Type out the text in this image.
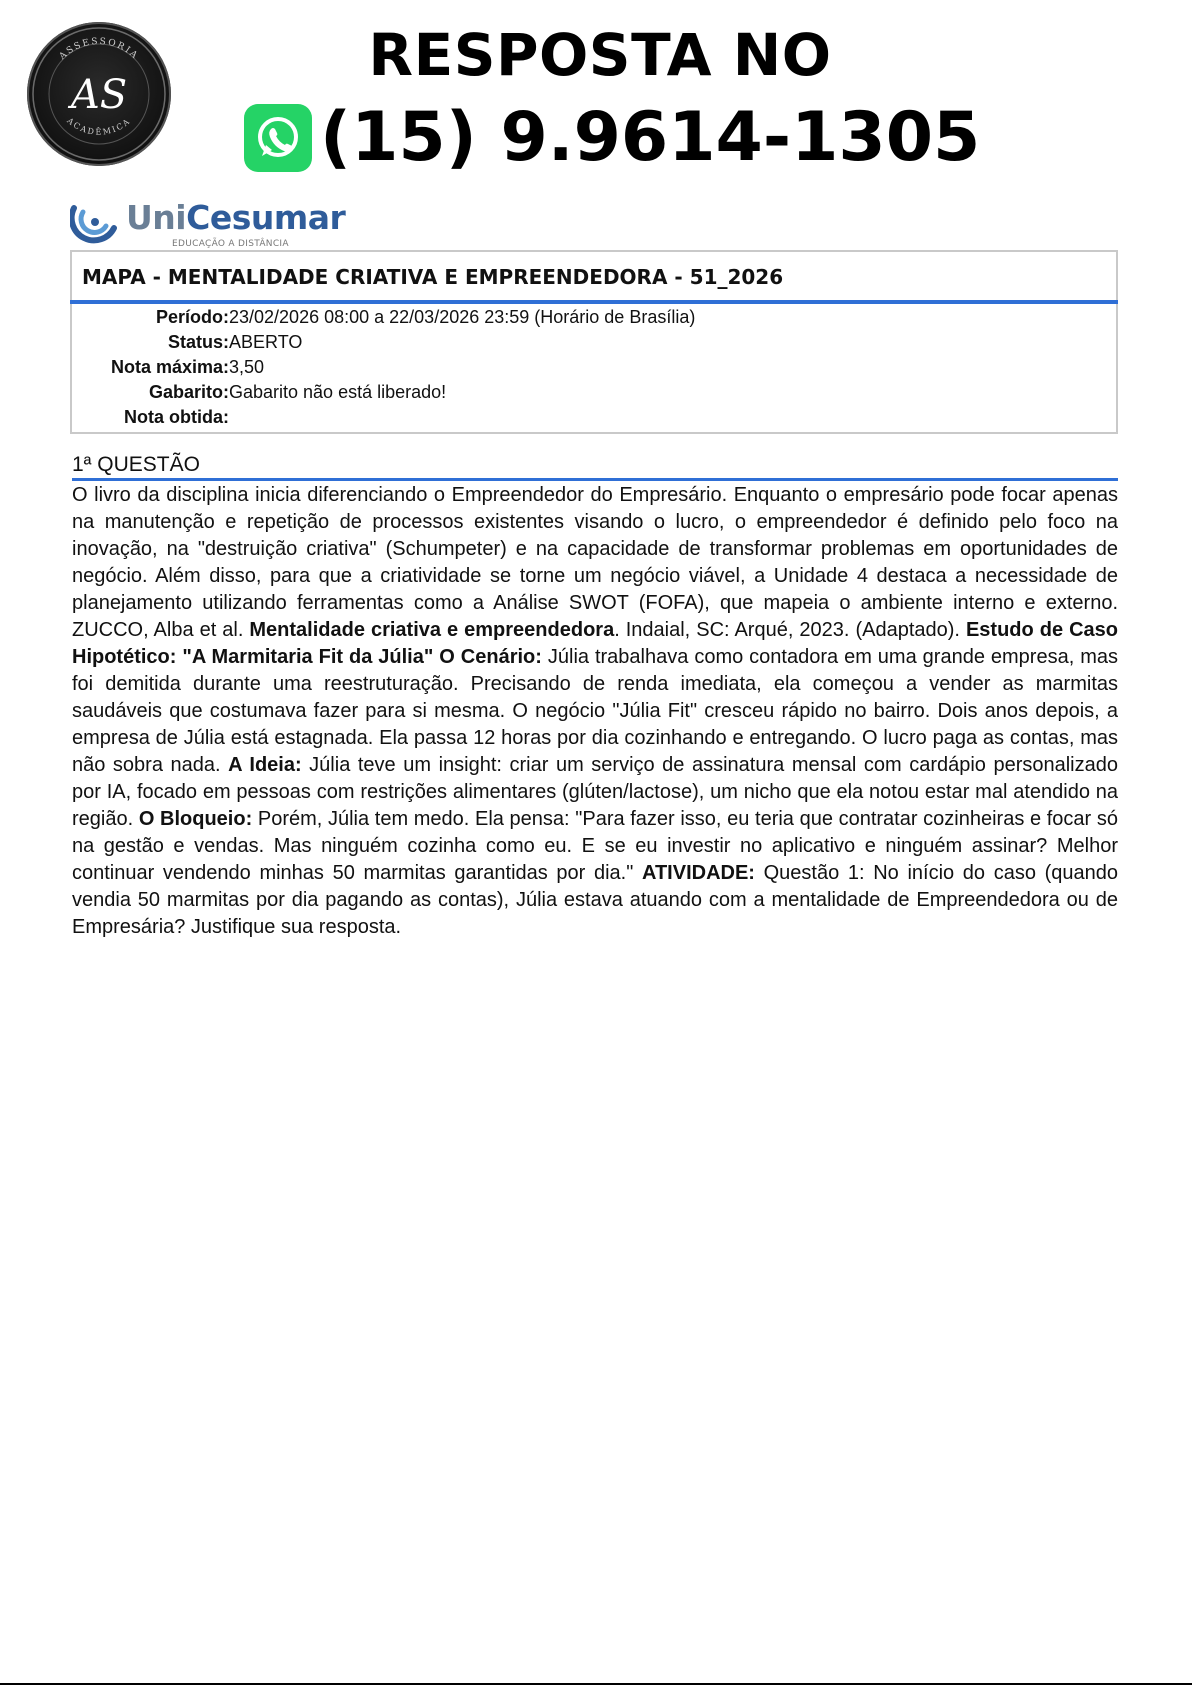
ASSESSORIA
ACADÊMICA
AS
RESPOSTA NO
(15) 9.9614-1305
UniCesumar
EDUCAÇÃO A DISTÂNCIA
MAPA - MENTALIDADE CRIATIVA E EMPREENDEDORA - 51_2026
Período: 23/02/2026 08:00 a 22/03/2026 23:59 (Horário de Brasília)
Status: ABERTO
Nota máxima: 3,50
Gabarito: Gabarito não está liberado!
Nota obtida:
1ª QUESTÃO
O livro da disciplina inicia diferenciando o Empreendedor do Empresário. Enquanto o empresário pode focar apenas na manutenção e repetição de processos existentes visando o lucro, o empreendedor é definido pelo foco na inovação, na "destruição criativa" (Schumpeter) e na capacidade de transformar problemas em oportunidades de negócio. Além disso, para que a criatividade se torne um negócio viável, a Unidade 4 destaca a necessidade de planejamento utilizando ferramentas como a Análise SWOT (FOFA), que mapeia o ambiente interno e externo. ZUCCO, Alba et al. Mentalidade criativa e empreendedora. Indaial, SC: Arqué, 2023. (Adaptado). Estudo de Caso Hipotético: "A Marmitaria Fit da Júlia" O Cenário: Júlia trabalhava como contadora em uma grande empresa, mas foi demitida durante uma reestruturação. Precisando de renda imediata, ela começou a vender as marmitas saudáveis que costumava fazer para si mesma. O negócio "Júlia Fit" cresceu rápido no bairro. Dois anos depois, a empresa de Júlia está estagnada. Ela passa 12 horas por dia cozinhando e entregando. O lucro paga as contas, mas não sobra nada. A Ideia: Júlia teve um insight: criar um serviço de assinatura mensal com cardápio personalizado por IA, focado em pessoas com restrições alimentares (glúten/lactose), um nicho que ela notou estar mal atendido na região. O Bloqueio: Porém, Júlia tem medo. Ela pensa: "Para fazer isso, eu teria que contratar cozinheiras e focar só na gestão e vendas. Mas ninguém cozinha como eu. E se eu investir no aplicativo e ninguém assinar? Melhor continuar vendendo minhas 50 marmitas garantidas por dia." ATIVIDADE: Questão 1: No início do caso (quando vendia 50 marmitas por dia pagando as contas), Júlia estava atuando com a mentalidade de Empreendedora ou de Empresária? Justifique sua resposta.
